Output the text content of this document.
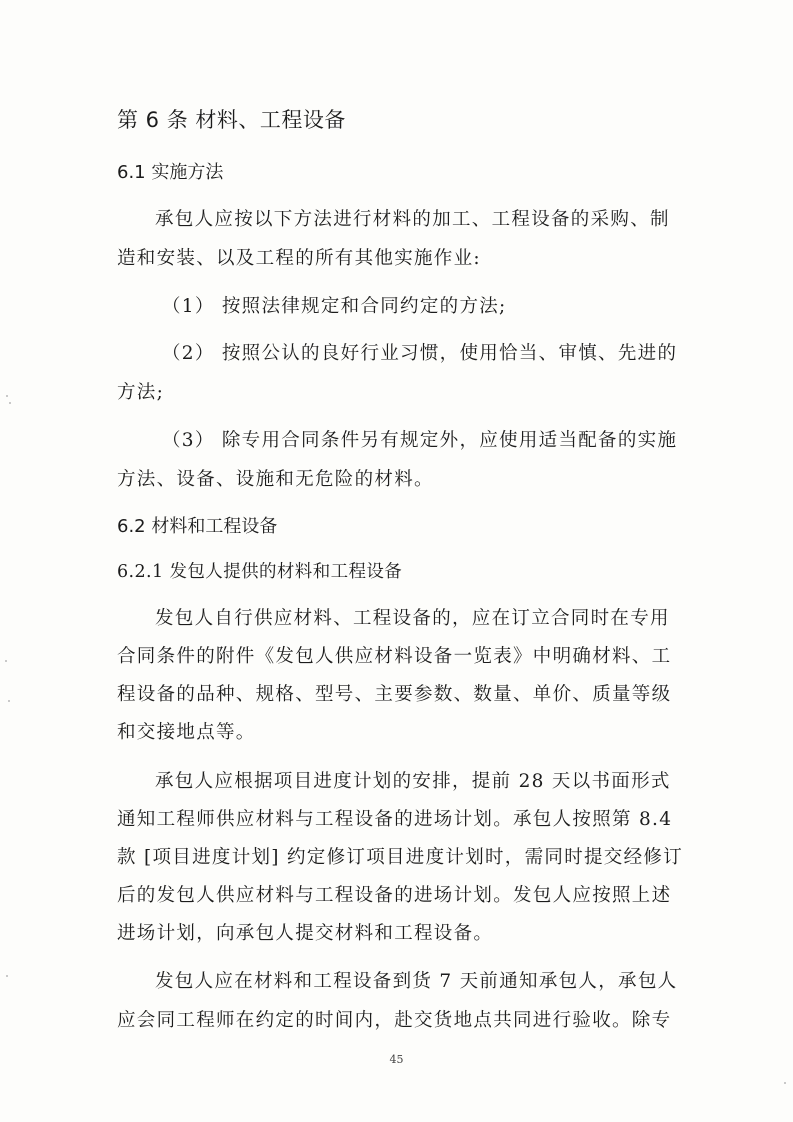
第 6 条 材料、工程设备
6.1 实施方法
承包人应按以下方法进行材料的加工、工程设备的采购、制
造和安装、以及工程的所有其他实施作业:
（1） 按照法律规定和合同约定的方法;
（2） 按照公认的良好行业习惯，使用恰当、审慎、先进的
方法;
（3） 除专用合同条件另有规定外，应使用适当配备的实施
方法、设备、设施和无危险的材料。
6.2 材料和工程设备
6.2.1 发包人提供的材料和工程设备
发包人自行供应材料、工程设备的，应在订立合同时在专用
合同条件的附件《发包人供应材料设备一览表》中明确材料、工
程设备的品种、规格、型号、主要参数、数量、单价、质量等级
和交接地点等。
承包人应根据项目进度计划的安排，提前 28 天以书面形式
通知工程师供应材料与工程设备的进场计划。承包人按照第 8.4
款 [项目进度计划] 约定修订项目进度计划时，需同时提交经修订
后的发包人供应材料与工程设备的进场计划。发包人应按照上述
进场计划，向承包人提交材料和工程设备。
发包人应在材料和工程设备到货 7 天前通知承包人，承包人
应会同工程师在约定的时间内，赴交货地点共同进行验收。除专
45
